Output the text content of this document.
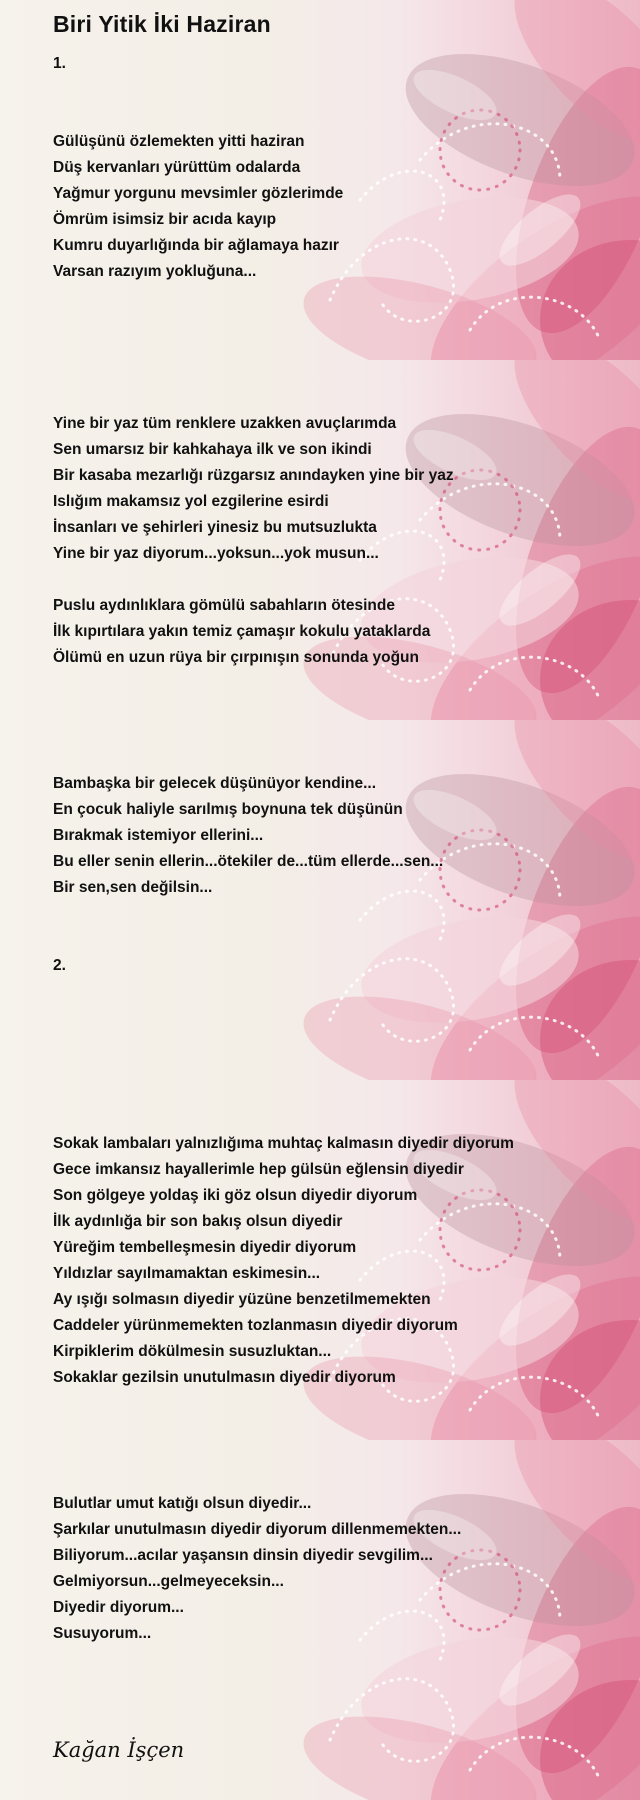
Biri Yitik İki Haziran
1.
Gülüşünü özlemekten yitti haziran
Düş kervanları yürüttüm odalarda
Yağmur yorgunu mevsimler gözlerimde
Ömrüm isimsiz bir acıda kayıp
Kumru duyarlığında bir ağlamaya hazır
Varsan razıyım yokluğuna...
Yine bir yaz tüm renklere uzakken avuçlarımda
Sen umarsız bir kahkahaya ilk ve son ikindi
Bir kasaba mezarlığı rüzgarsız anındayken yine bir yaz
Islığım makamsız yol ezgilerine esirdi
İnsanları ve şehirleri yinesiz bu mutsuzlukta
Yine bir yaz diyorum...yoksun...yok musun...
Puslu aydınlıklara gömülü sabahların ötesinde
İlk kıpırtılara yakın temiz çamaşır kokulu yataklarda
Ölümü en uzun rüya bir çırpınışın sonunda yoğun
Bambaşka bir gelecek düşünüyor kendine...
En çocuk haliyle sarılmış boynuna tek düşünün
Bırakmak istemiyor ellerini...
Bu eller senin ellerin...ötekiler de...tüm ellerde...sen...
Bir sen,sen değilsin...
2.
Sokak lambaları yalnızlığıma muhtaç kalmasın diyedir diyorum
Gece imkansız hayallerimle hep gülsün eğlensin diyedir
Son gölgeye yoldaş iki göz olsun diyedir diyorum
İlk aydınlığa bir son bakış olsun diyedir
Yüreğim tembelleşmesin diyedir diyorum
Yıldızlar sayılmamaktan eskimesin...
Ay ışığı solmasın diyedir yüzüne benzetilmemekten
Caddeler yürünmemekten tozlanmasın diyedir diyorum
Kirpiklerim dökülmesin susuzluktan...
Sokaklar gezilsin unutulmasın diyedir diyorum
Bulutlar umut katığı olsun diyedir...
Şarkılar unutulmasın diyedir diyorum dillenmemekten...
Biliyorum...acılar yaşansın dinsin diyedir sevgilim...
Gelmiyorsun...gelmeyeceksin...
Diyedir diyorum...
Susuyorum...
Kağan İşçen
